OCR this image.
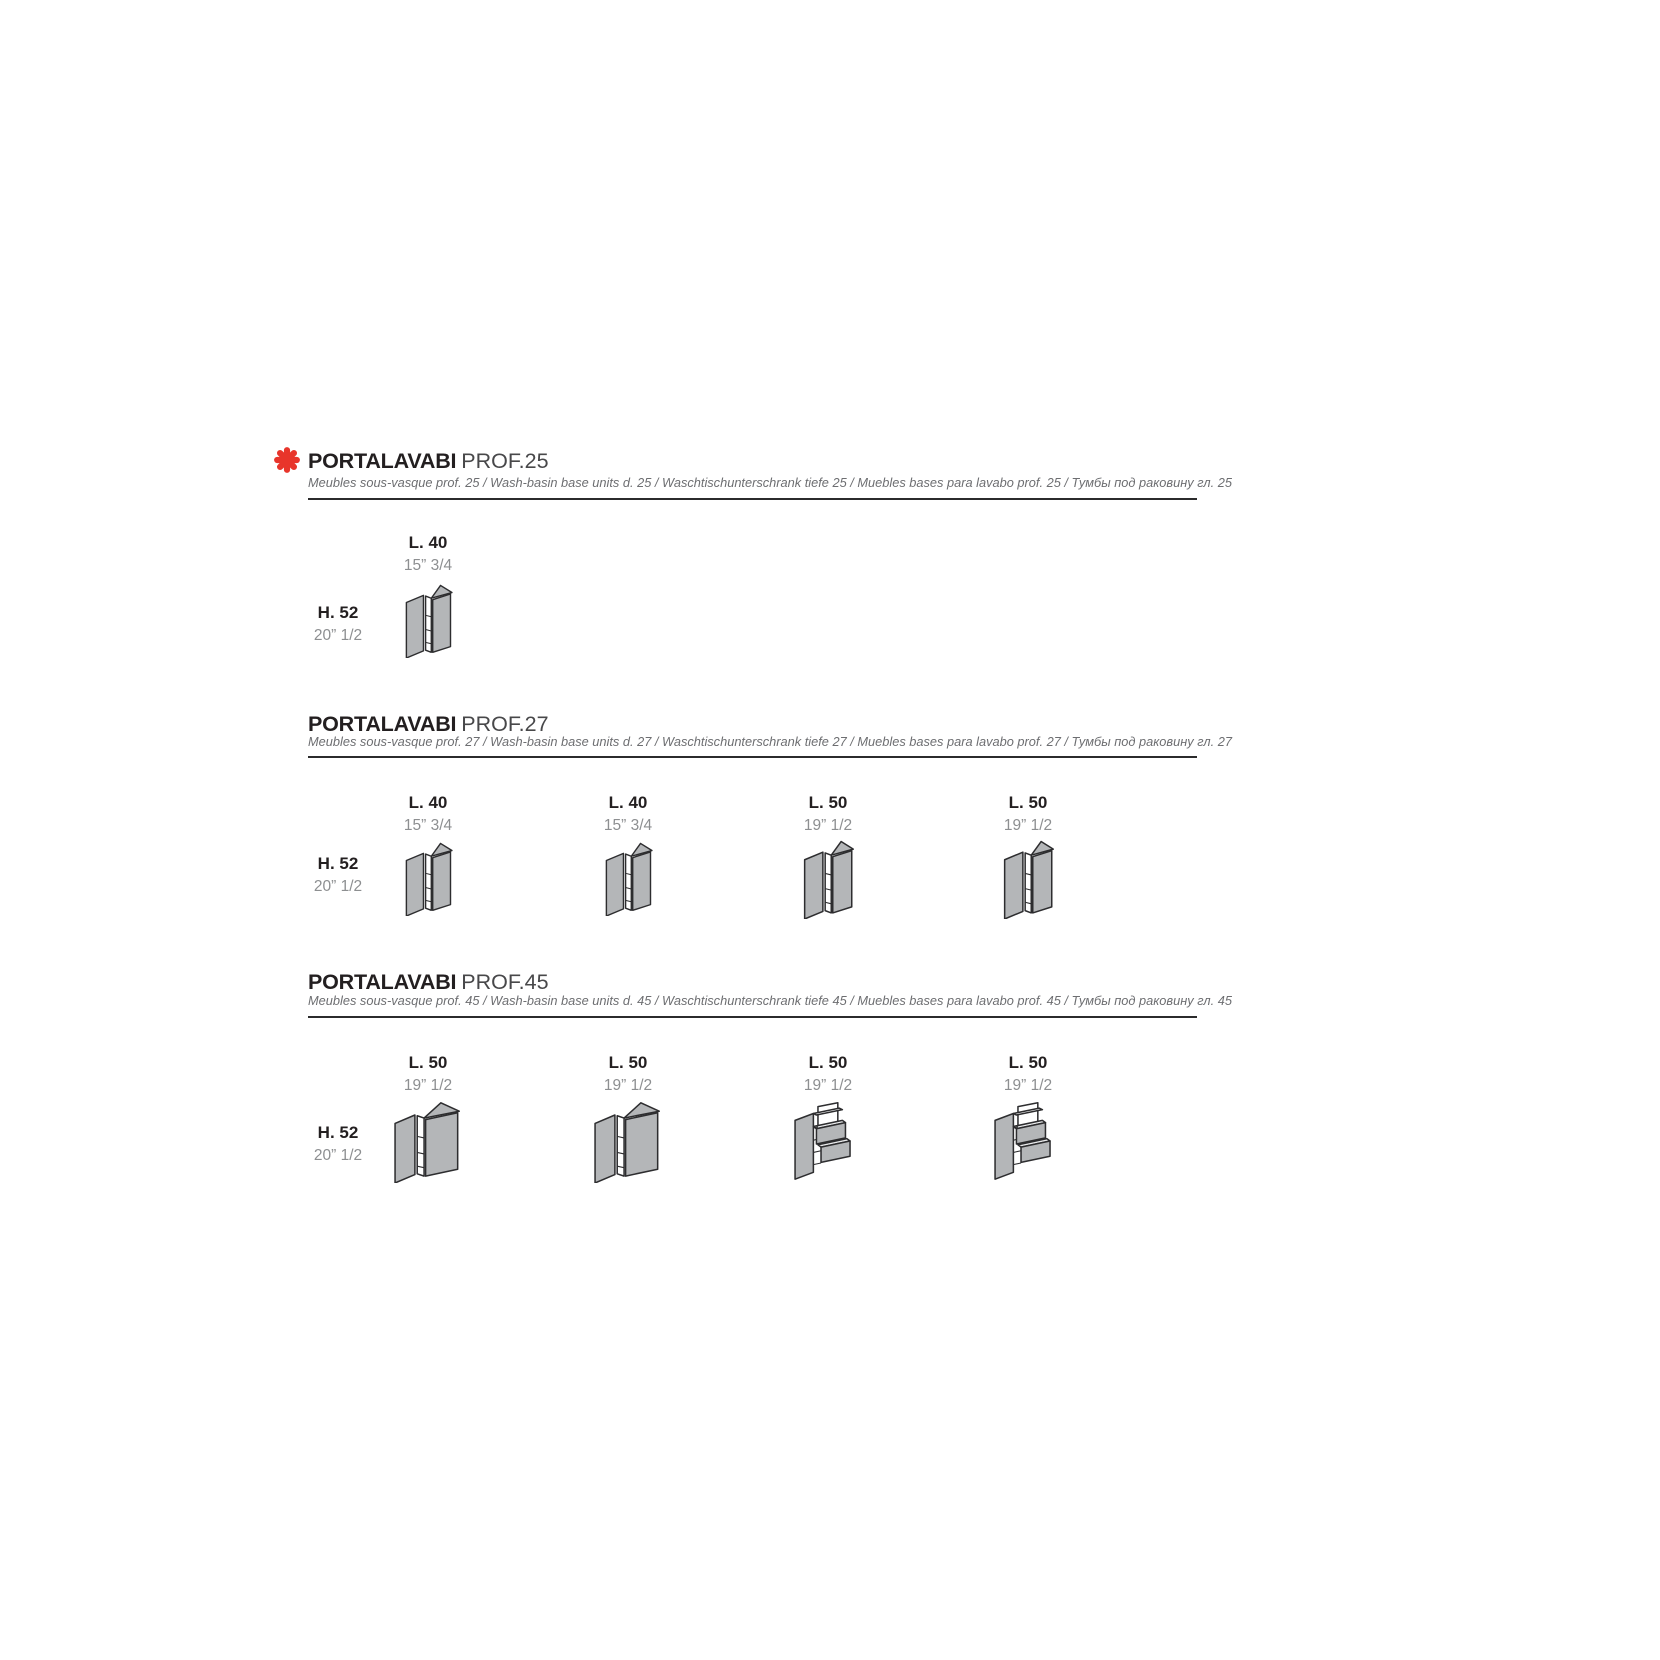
PORTALAVABI PROF.25
Meubles sous-vasque prof. 25 / Wash-basin base units d. 25 / Waschtischunterschrank tiefe 25 / Muebles bases para lavabo prof. 25 / Тумбы под раковину гл. 25
L. 40
15” 3/4
H. 52
20” 1/2
PORTALAVABI PROF.27
Meubles sous-vasque prof. 27 / Wash-basin base units d. 27 / Waschtischunterschrank tiefe 27 / Muebles bases para lavabo prof. 27 / Тумбы под раковину гл. 27
L. 40
15” 3/4
L. 40
15” 3/4
L. 50
19” 1/2
L. 50
19” 1/2
H. 52
20” 1/2
PORTALAVABI PROF.45
Meubles sous-vasque prof. 45 / Wash-basin base units d. 45 / Waschtischunterschrank tiefe 45 / Muebles bases para lavabo prof. 45 / Тумбы под раковину гл. 45
L. 50
19” 1/2
L. 50
19” 1/2
L. 50
19” 1/2
L. 50
19” 1/2
H. 52
20” 1/2
